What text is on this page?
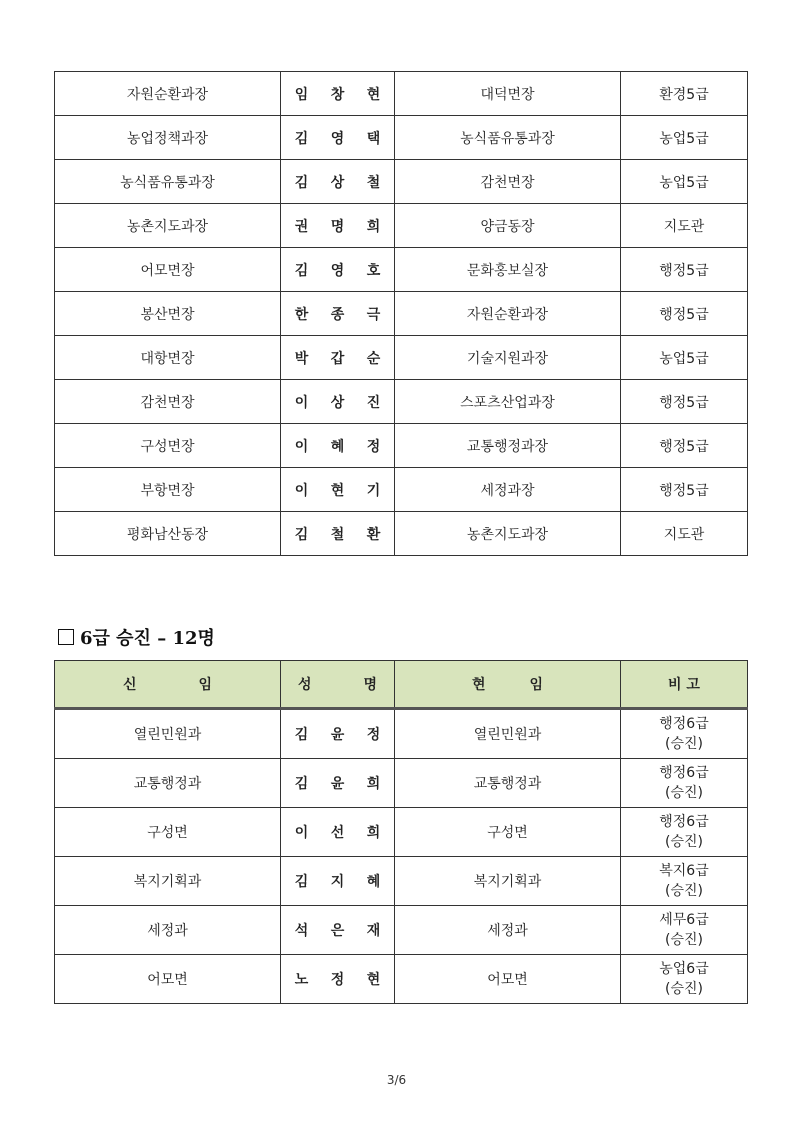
자원순환과장	임 창 현	대덕면장	환경5급
농업정책과장	김 영 택	농식품유통과장	농업5급
농식품유통과장	김 상 철	감천면장	농업5급
농촌지도과장	권 명 희	양금동장	지도관
어모면장	김 영 호	문화홍보실장	행정5급
봉산면장	한 종 극	자원순환과장	행정5급
대항면장	박 갑 순	기술지원과장	농업5급
감천면장	이 상 진	스포츠산업과장	행정5급
구성면장	이 혜 정	교통행정과장	행정5급
부항면장	이 현 기	세정과장	행정5급
평화남산동장	김 철 환	농촌지도과장	지도관
6급 승진 – 12명
신 임	성 명	현 임	비 고
열린민원과	김 윤 정	열린민원과	행정6급
(승진)

교통행정과	김 윤 희	교통행정과	행정6급
(승진)

구성면	이 선 희	구성면	행정6급
(승진)

복지기획과	김 지 혜	복지기획과	복지6급
(승진)

세정과	석 은 재	세정과	세무6급
(승진)

어모면	노 정 현	어모면	농업6급
(승진)
3/6
